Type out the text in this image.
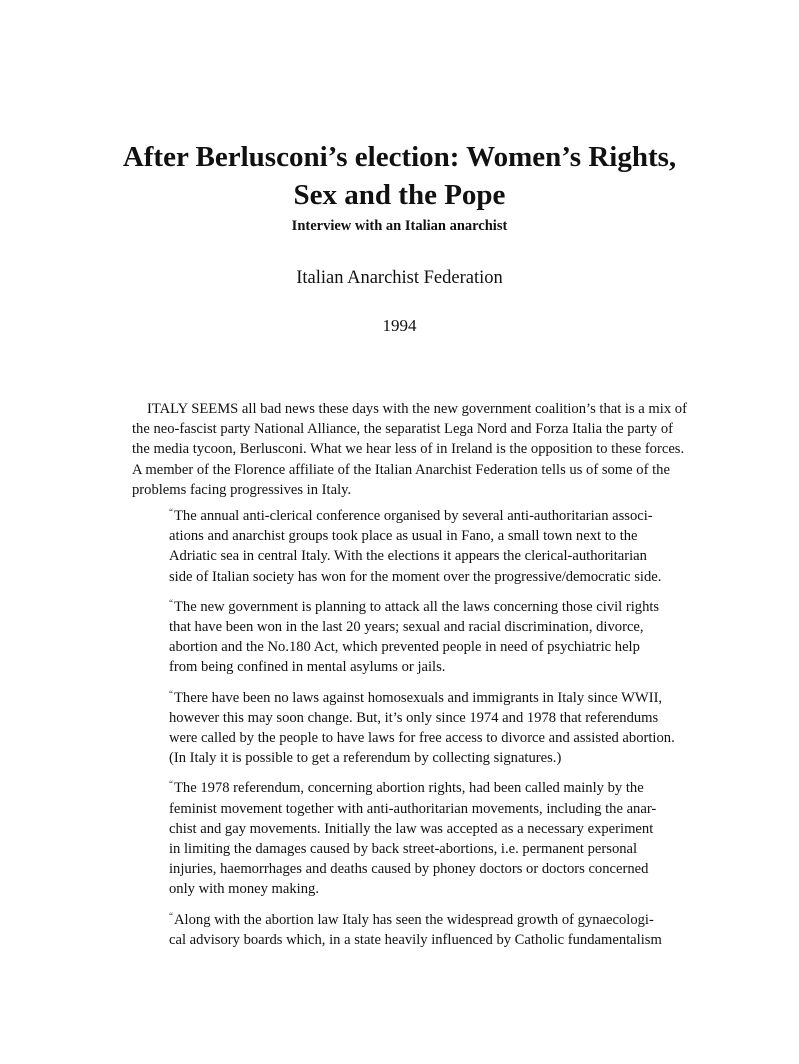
After Berlusconi’s election: Women’s Rights,
Sex and the Pope
Interview with an Italian anarchist
Italian Anarchist Federation
1994
ITALY SEEMS all bad news these days with the new government coalition’s that is a mix of
the neo-fascist party National Alliance, the separatist Lega Nord and Forza Italia the party of
the media tycoon, Berlusconi. What we hear less of in Ireland is the opposition to these forces.
A member of the Florence affiliate of the Italian Anarchist Federation tells us of some of the
problems facing progressives in Italy.
“The annual anti-clerical conference organised by several anti-authoritarian associ-
ations and anarchist groups took place as usual in Fano, a small town next to the
Adriatic sea in central Italy. With the elections it appears the clerical-authoritarian
side of Italian society has won for the moment over the progressive/democratic side.
“The new government is planning to attack all the laws concerning those civil rights
that have been won in the last 20 years; sexual and racial discrimination, divorce,
abortion and the No.180 Act, which prevented people in need of psychiatric help
from being confined in mental asylums or jails.
“There have been no laws against homosexuals and immigrants in Italy since WWII,
however this may soon change. But, it’s only since 1974 and 1978 that referendums
were called by the people to have laws for free access to divorce and assisted abortion.
(In Italy it is possible to get a referendum by collecting signatures.)
“The 1978 referendum, concerning abortion rights, had been called mainly by the
feminist movement together with anti-authoritarian movements, including the anar-
chist and gay movements. Initially the law was accepted as a necessary experiment
in limiting the damages caused by back street-abortions, i.e. permanent personal
injuries, haemorrhages and deaths caused by phoney doctors or doctors concerned
only with money making.
“Along with the abortion law Italy has seen the widespread growth of gynaecologi-
cal advisory boards which, in a state heavily influenced by Catholic fundamentalism
